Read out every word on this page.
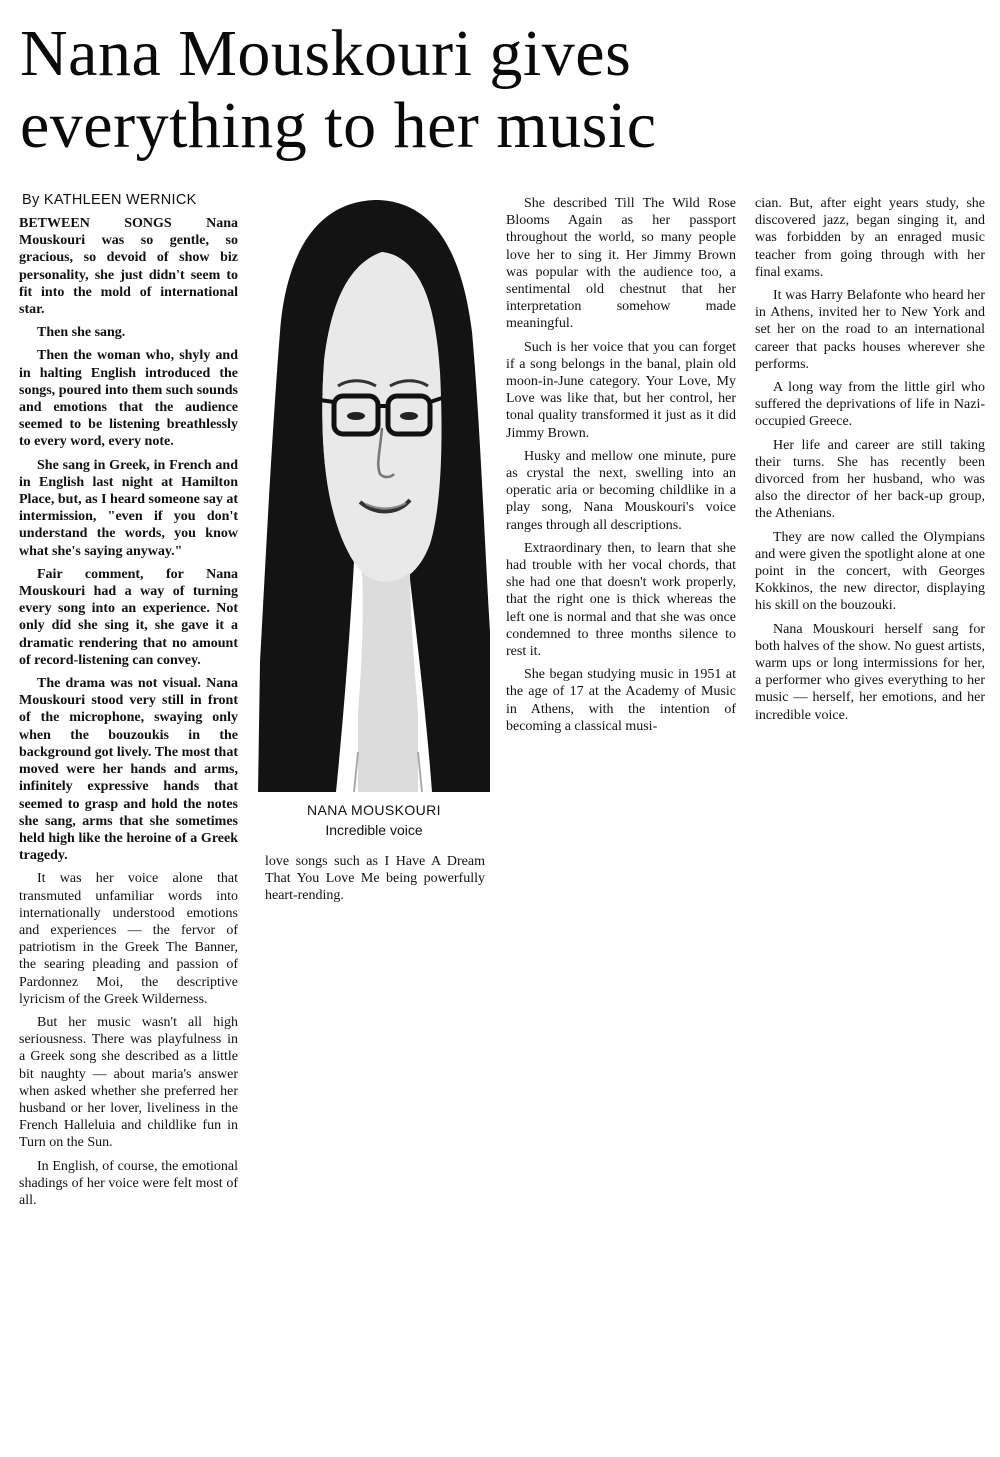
Nana Mouskouri gives
everything to her music

By KATHLEEN WERNICK

BETWEEN SONGS Nana Mouskouri was so gentle, so gracious, so devoid of show biz personality, she just didn't seem to fit into the mold of international star.

Then she sang.

Then the woman who, shyly and in halting English introduced the songs, poured into them such sounds and emotions that the audience seemed to be listening breathlessly to every word, every note.

She sang in Greek, in French and in English last night at Hamilton Place, but, as I heard someone say at intermission, "even if you don't understand the words, you know what she's saying anyway."

Fair comment, for Nana Mouskouri had a way of turning every song into an experience. Not only did she sing it, she gave it a dramatic rendering that no amount of record-listening can convey.

The drama was not visual. Nana Mouskouri stood very still in front of the microphone, swaying only when the bouzoukis in the background got lively. The most that moved were her hands and arms, infinitely expressive hands that seemed to grasp and hold the notes she sang, arms that she sometimes held high like the heroine of a Greek tragedy.

It was her voice alone that transmuted unfamiliar words into internationally understood emotions and experiences — the fervor of patriotism in the Greek The Banner, the searing pleading and passion of Pardonnez Moi, the descriptive lyricism of the Greek Wilderness.

But her music wasn't all high seriousness. There was playfulness in a Greek song she described as a little bit naughty — about maria's answer when asked whether she preferred her husband or her lover, liveliness in the French Halleluia and childlike fun in Turn on the Sun.

In English, of course, the emotional shadings of her voice were felt most of all.

NANA MOUSKOURI
Incredible voice

love songs such as I Have A Dream That You Love Me being powerfully heart-rending.

She described Till The Wild Rose Blooms Again as her passport throughout the world, so many people love her to sing it. Her Jimmy Brown was popular with the audience too, a sentimental old chestnut that her interpretation somehow made meaningful.

Such is her voice that you can forget if a song belongs in the banal, plain old moon-in-June category. Your Love, My Love was like that, but her control, her tonal quality transformed it just as it did Jimmy Brown.

Husky and mellow one minute, pure as crystal the next, swelling into an operatic aria or becoming childlike in a play song, Nana Mouskouri's voice ranges through all descriptions.

Extraordinary then, to learn that she had trouble with her vocal chords, that she had one that doesn't work properly, that the right one is thick whereas the left one is normal and that she was once condemned to three months silence to rest it.

She began studying music in 1951 at the age of 17 at the Academy of Music in Athens, with the intention of becoming a classical musi-

cian. But, after eight years study, she discovered jazz, began singing it, and was forbidden by an enraged music teacher from going through with her final exams.

It was Harry Belafonte who heard her in Athens, invited her to New York and set her on the road to an international career that packs houses wherever she performs.

A long way from the little girl who suffered the deprivations of life in Nazi-occupied Greece.

Her life and career are still taking their turns. She has recently been divorced from her husband, who was also the director of her back-up group, the Athenians.

They are now called the Olympians and were given the spotlight alone at one point in the concert, with Georges Kokkinos, the new director, displaying his skill on the bouzouki.

Nana Mouskouri herself sang for both halves of the show. No guest artists, warm ups or long intermissions for her, a performer who gives everything to her music — herself, her emotions, and her incredible voice.
